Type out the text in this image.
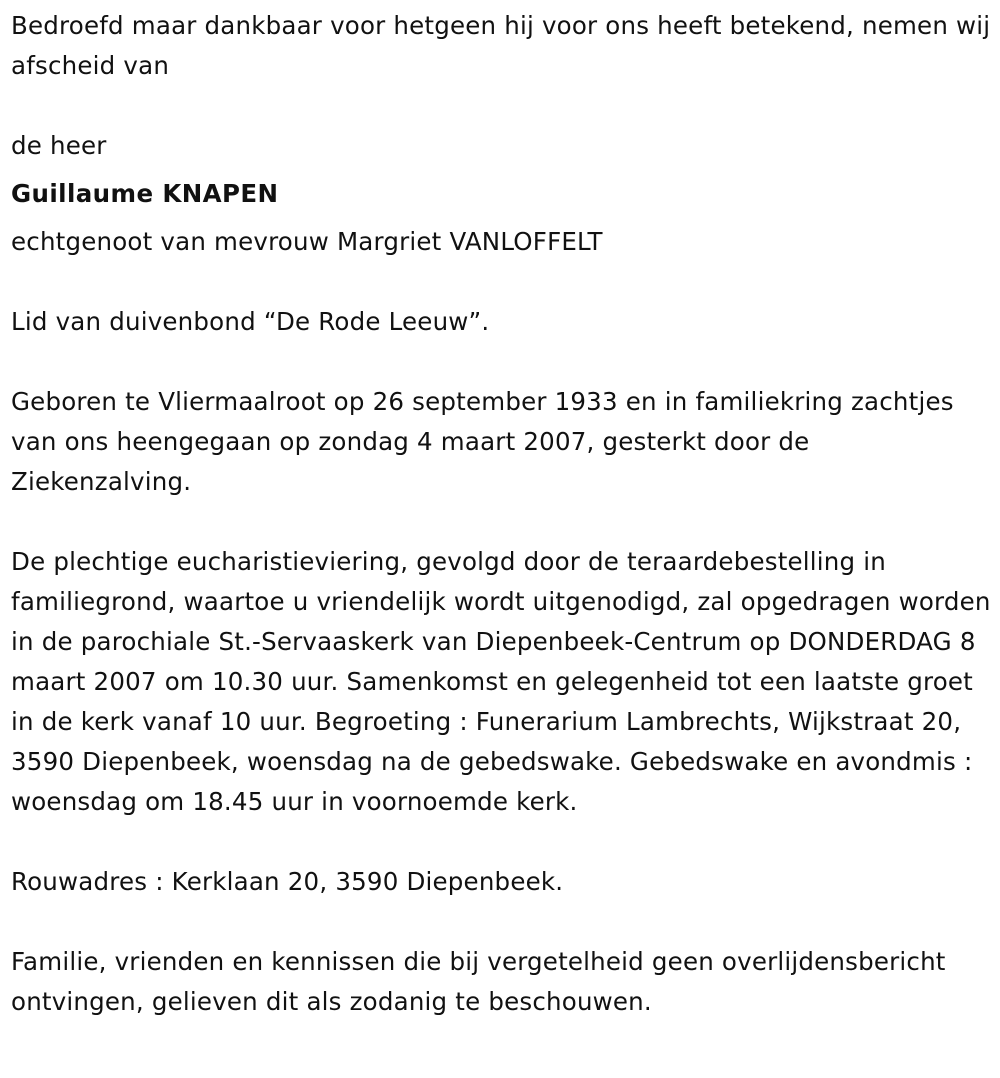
Bedroefd maar dankbaar voor hetgeen hij voor ons heeft betekend, nemen wij afscheid van

de heer

Guillaume KNAPEN

echtgenoot van mevrouw Margriet VANLOFFELT

Lid van duivenbond “De Rode Leeuw”.

Geboren te Vliermaalroot op 26 september 1933 en in familiekring zachtjes van ons heengegaan op zondag 4 maart 2007, gesterkt door de Ziekenzalving.

De plechtige eucharistieviering, gevolgd door de teraardebestelling in familiegrond, waartoe u vriendelijk wordt uitgenodigd, zal opgedragen worden in de parochiale St.-Servaaskerk van Diepenbeek-Centrum op DONDERDAG 8 maart 2007 om 10.30 uur. Samenkomst en gelegenheid tot een laatste groet in de kerk vanaf 10 uur. Begroeting : Funerarium Lambrechts, Wijkstraat 20, 3590 Diepenbeek, woensdag na de gebedswake. Gebedswake en avondmis : woensdag om 18.45 uur in voornoemde kerk.

Rouwadres : Kerklaan 20, 3590 Diepenbeek.

Familie, vrienden en kennissen die bij vergetelheid geen overlijdensbericht ontvingen, gelieven dit als zodanig te beschouwen.
